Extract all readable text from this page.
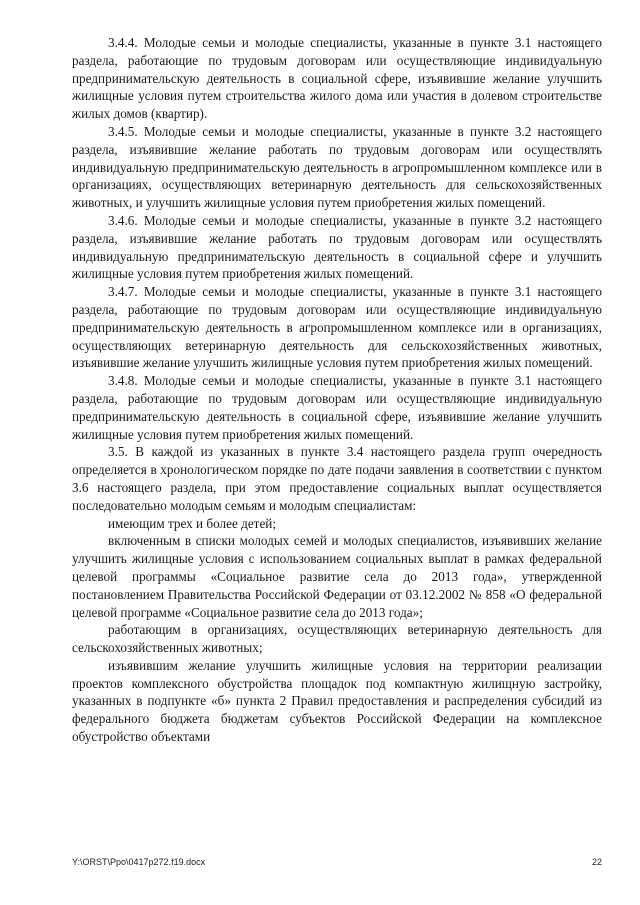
3.4.4. Молодые семьи и молодые специалисты, указанные в пункте 3.1 настоящего раздела, работающие по трудовым договорам или осуществляющие индивидуальную предпринимательскую деятельность в социальной сфере, изъявившие желание улучшить жилищные условия путем строительства жилого дома или участия в долевом строительстве жилых домов (квартир).

3.4.5. Молодые семьи и молодые специалисты, указанные в пункте 3.2 настоящего раздела, изъявившие желание работать по трудовым договорам или осуществлять индивидуальную предпринимательскую деятельность в агропромышленном комплексе или в организациях, осуществляющих ветеринарную деятельность для сельскохозяйственных животных, и улучшить жилищные условия путем приобретения жилых помещений.

3.4.6. Молодые семьи и молодые специалисты, указанные в пункте 3.2 настоящего раздела, изъявившие желание работать по трудовым договорам или осуществлять индивидуальную предпринимательскую деятельность в социальной сфере и улучшить жилищные условия путем приобретения жилых помещений.

3.4.7. Молодые семьи и молодые специалисты, указанные в пункте 3.1 настоящего раздела, работающие по трудовым договорам или осуществляющие индивидуальную предпринимательскую деятельность в агропромышленном комплексе или в организациях, осуществляющих ветеринарную деятельность для сельскохозяйственных животных, изъявившие желание улучшить жилищные условия путем приобретения жилых помещений.

3.4.8. Молодые семьи и молодые специалисты, указанные в пункте 3.1 настоящего раздела, работающие по трудовым договорам или осуществляющие индивидуальную предпринимательскую деятельность в социальной сфере, изъявившие желание улучшить жилищные условия путем приобретения жилых помещений.

3.5. В каждой из указанных в пункте 3.4 настоящего раздела групп очередность определяется в хронологическом порядке по дате подачи заявления в соответствии с пунктом 3.6 настоящего раздела, при этом предоставление социальных выплат осуществляется последовательно молодым семьям и молодым специалистам:

имеющим трех и более детей;

включенным в списки молодых семей и молодых специалистов, изъявивших желание улучшить жилищные условия с использованием социальных выплат в рамках федеральной целевой программы «Социальное развитие села до 2013 года», утвержденной постановлением Правительства Российской Федерации от 03.12.2002 № 858 «О федеральной целевой программе «Социальное развитие села до 2013 года»;

работающим в организациях, осуществляющих ветеринарную деятельность для сельскохозяйственных животных;

изъявившим желание улучшить жилищные условия на территории реализации проектов комплексного обустройства площадок под компактную жилищную застройку, указанных в подпункте «б» пункта 2 Правил предоставления и распределения субсидий из федерального бюджета бюджетам субъектов Российской Федерации на комплексное обустройство объектами

Y:\ORST\Ppo\0417p272.f19.docx	22
